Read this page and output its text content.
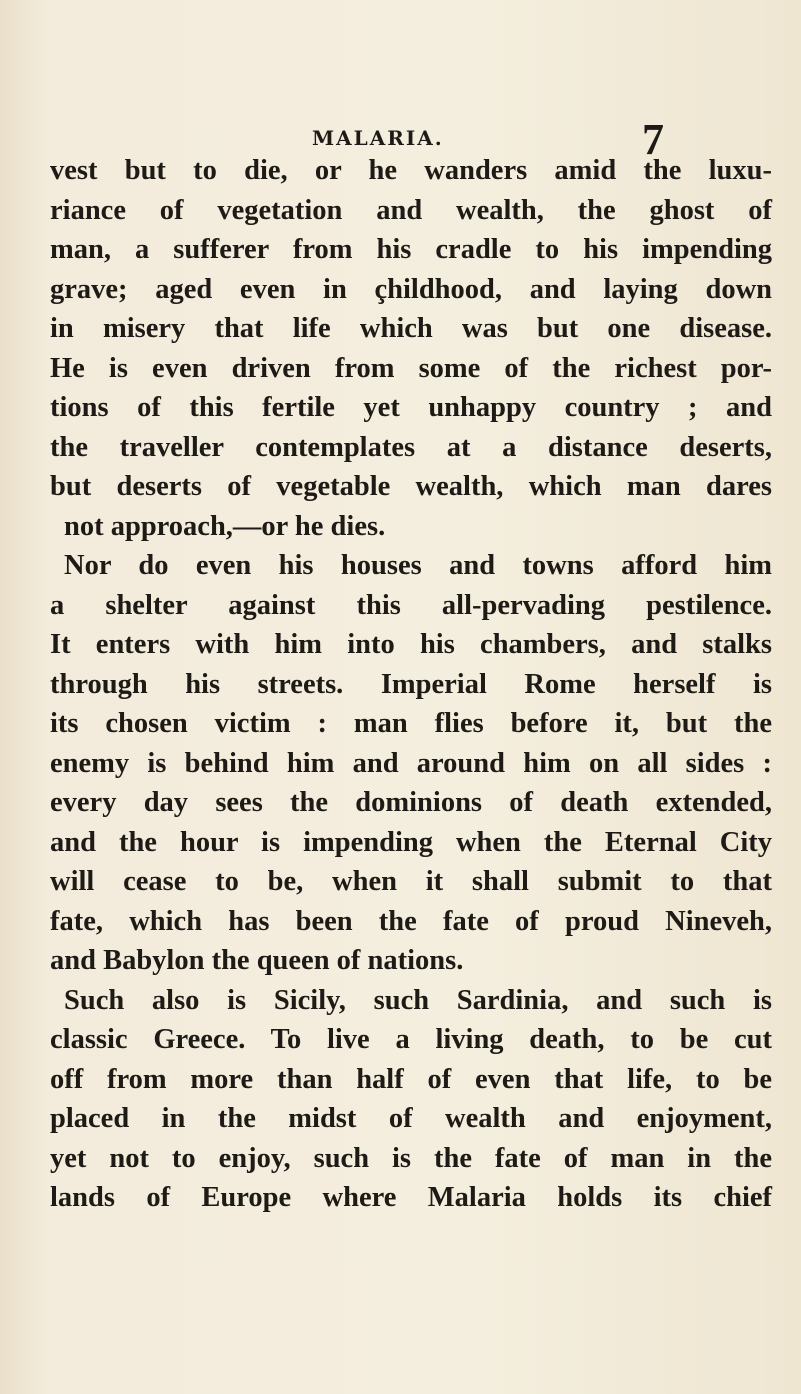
MALARIA.	7
vest but to die, or he wanders amid the luxu-
riance of vegetation and wealth, the ghost of
man, a sufferer from his cradle to his impending
grave; aged even in çhildhood, and laying down
in misery that life which was but one disease.
He is even driven from some of the richest por-
tions of this fertile yet unhappy country ; and
the traveller contemplates at a distance deserts,
but deserts of vegetable wealth, which man dares
not approach,—or he dies.
Nor do even his houses and towns afford him
a shelter against this all-pervading pestilence.
It enters with him into his chambers, and stalks
through his streets. Imperial Rome herself is
its chosen victim : man flies before it, but the
enemy is behind him and around him on all sides :
every day sees the dominions of death extended,
and the hour is impending when the Eternal City
will cease to be, when it shall submit to that
fate, which has been the fate of proud Nineveh,
and Babylon the queen of nations.
Such also is Sicily, such Sardinia, and such is
classic Greece. To live a living death, to be cut
off from more than half of even that life, to be
placed in the midst of wealth and enjoyment,
yet not to enjoy, such is the fate of man in the
lands of Europe where Malaria holds its chief
